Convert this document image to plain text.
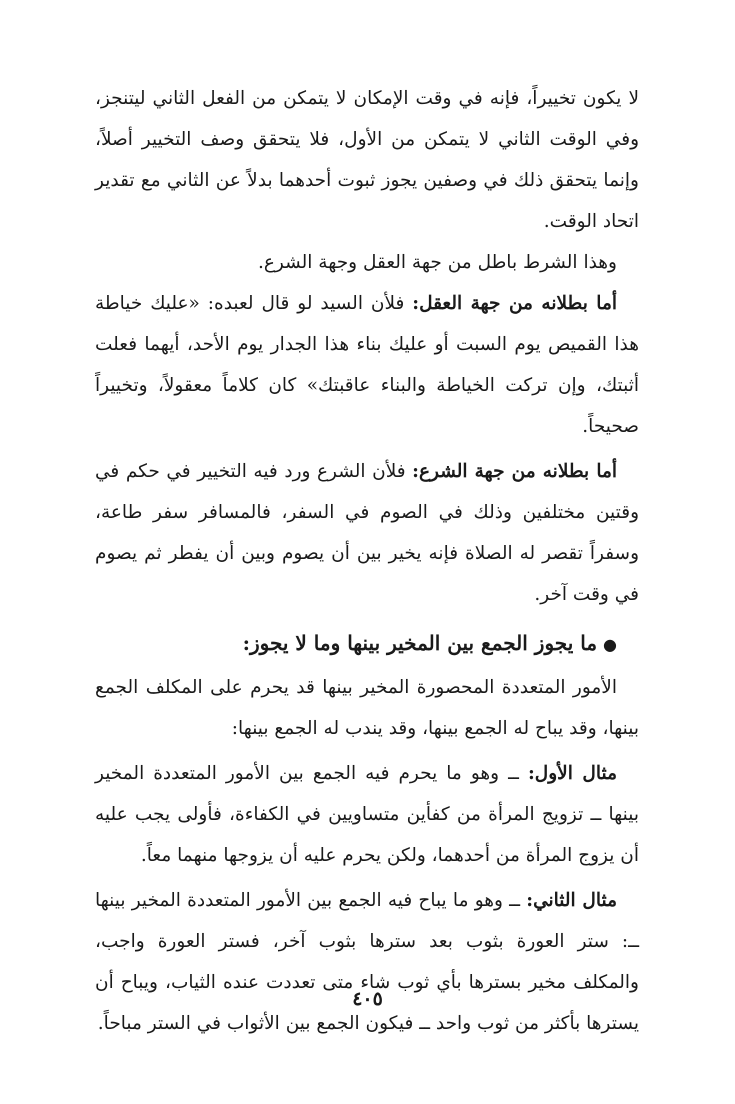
لا يكون تخييراً، فإنه في وقت الإمكان لا يتمكن من الفعل الثاني ليتنجز، وفي الوقت الثاني لا يتمكن من الأول، فلا يتحقق وصف التخيير أصلاً، وإنما يتحقق ذلك في وصفين يجوز ثبوت أحدهما بدلاً عن الثاني مع تقدير اتحاد الوقت.

وهذا الشرط باطل من جهة العقل وجهة الشرع.

أما بطلانه من جهة العقل: فلأن السيد لو قال لعبده: «عليك خياطة هذا القميص يوم السبت أو عليك بناء هذا الجدار يوم الأحد، أيهما فعلت أثبتك، وإن تركت الخياطة والبناء عاقبتك» كان كلاماً معقولاً، وتخييراً صحيحاً.

أما بطلانه من جهة الشرع: فلأن الشرع ورد فيه التخيير في حكم في وقتين مختلفين وذلك في الصوم في السفر، فالمسافر سفر طاعة، وسفراً تقصر له الصلاة فإنه يخير بين أن يصوم وبين أن يفطر ثم يصوم في وقت آخر.

●ما يجوز الجمع بين المخير بينها وما لا يجوز:

الأمور المتعددة المحصورة المخير بينها قد يحرم على المكلف الجمع بينها، وقد يباح له الجمع بينها، وقد يندب له الجمع بينها:

مثال الأول: ــ وهو ما يحرم فيه الجمع بين الأمور المتعددة المخير بينها ــ تزويج المرأة من كفأين متساويين في الكفاءة، فأولى يجب عليه أن يزوج المرأة من أحدهما، ولكن يحرم عليه أن يزوجها منهما معاً.

مثال الثاني: ــ وهو ما يباح فيه الجمع بين الأمور المتعددة المخير بينها ــ: ستر العورة بثوب بعد سترها بثوب آخر، فستر العورة واجب، والمكلف مخير بسترها بأي ثوب شاء متى تعددت عنده الثياب، ويباح أن يسترها بأكثر من ثوب واحد ــ فيكون الجمع بين الأثواب في الستر مباحاً.

٤٠٥
